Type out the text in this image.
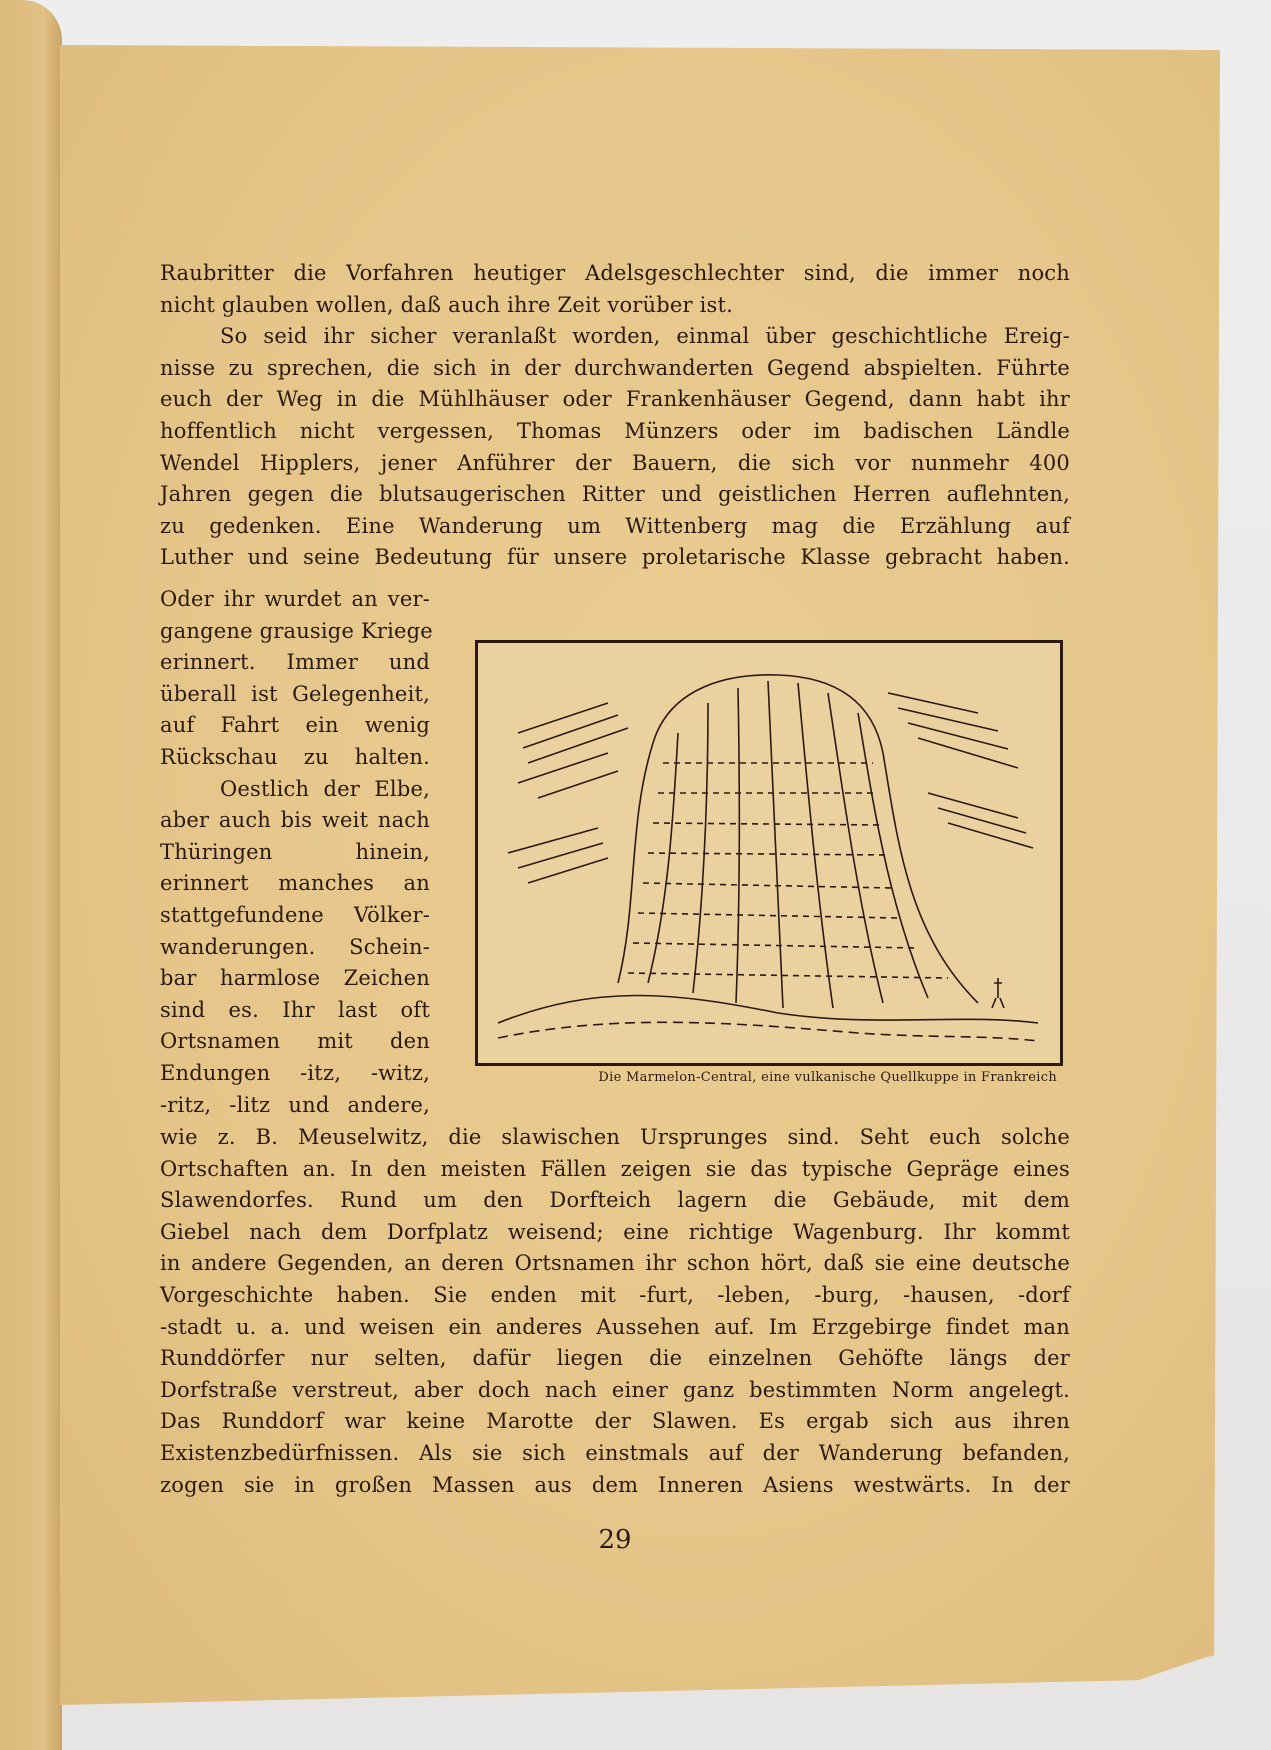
Raubritter die Vorfahren heutiger Adelsgeschlechter sind, die immer noch
nicht glauben wollen, daß auch ihre Zeit vorüber ist.
So seid ihr sicher veranlaßt worden, einmal über geschichtliche Ereig-
nisse zu sprechen, die sich in der durchwanderten Gegend abspielten. Führte
euch der Weg in die Mühlhäuser oder Frankenhäuser Gegend, dann habt ihr
hoffentlich nicht vergessen, Thomas Münzers oder im badischen Ländle
Wendel Hipplers, jener Anführer der Bauern, die sich vor nunmehr 400
Jahren gegen die blutsaugerischen Ritter und geistlichen Herren auflehnten,
zu gedenken. Eine Wanderung um Wittenberg mag die Erzählung auf
Luther und seine Bedeutung für unsere proletarische Klasse gebracht haben.
Oder ihr wurdet an ver-
gangene grausige Kriege
erinnert. Immer und
überall ist Gelegenheit,
auf Fahrt ein wenig
Rückschau zu halten.
Oestlich der Elbe,
aber auch bis weit nach
Thüringen hinein,
erinnert manches an
stattgefundene Völker-
wanderungen. Schein-
bar harmlose Zeichen
sind es. Ihr last oft
Ortsnamen mit den
Endungen -itz, -witz,
-ritz, -litz und andere,
Die Marmelon-Central, eine vulkanische Quellkuppe in Frankreich
wie z. B. Meuselwitz, die slawischen Ursprunges sind. Seht euch solche
Ortschaften an. In den meisten Fällen zeigen sie das typische Gepräge eines
Slawendorfes. Rund um den Dorfteich lagern die Gebäude, mit dem
Giebel nach dem Dorfplatz weisend; eine richtige Wagenburg. Ihr kommt
in andere Gegenden, an deren Ortsnamen ihr schon hört, daß sie eine deutsche
Vorgeschichte haben. Sie enden mit -furt, -leben, -burg, -hausen, -dorf
-stadt u. a. und weisen ein anderes Aussehen auf. Im Erzgebirge findet man
Runddörfer nur selten, dafür liegen die einzelnen Gehöfte längs der
Dorfstraße verstreut, aber doch nach einer ganz bestimmten Norm angelegt.
Das Runddorf war keine Marotte der Slawen. Es ergab sich aus ihren
Existenzbedürfnissen. Als sie sich einstmals auf der Wanderung befanden,
zogen sie in großen Massen aus dem Inneren Asiens westwärts. In der
29
